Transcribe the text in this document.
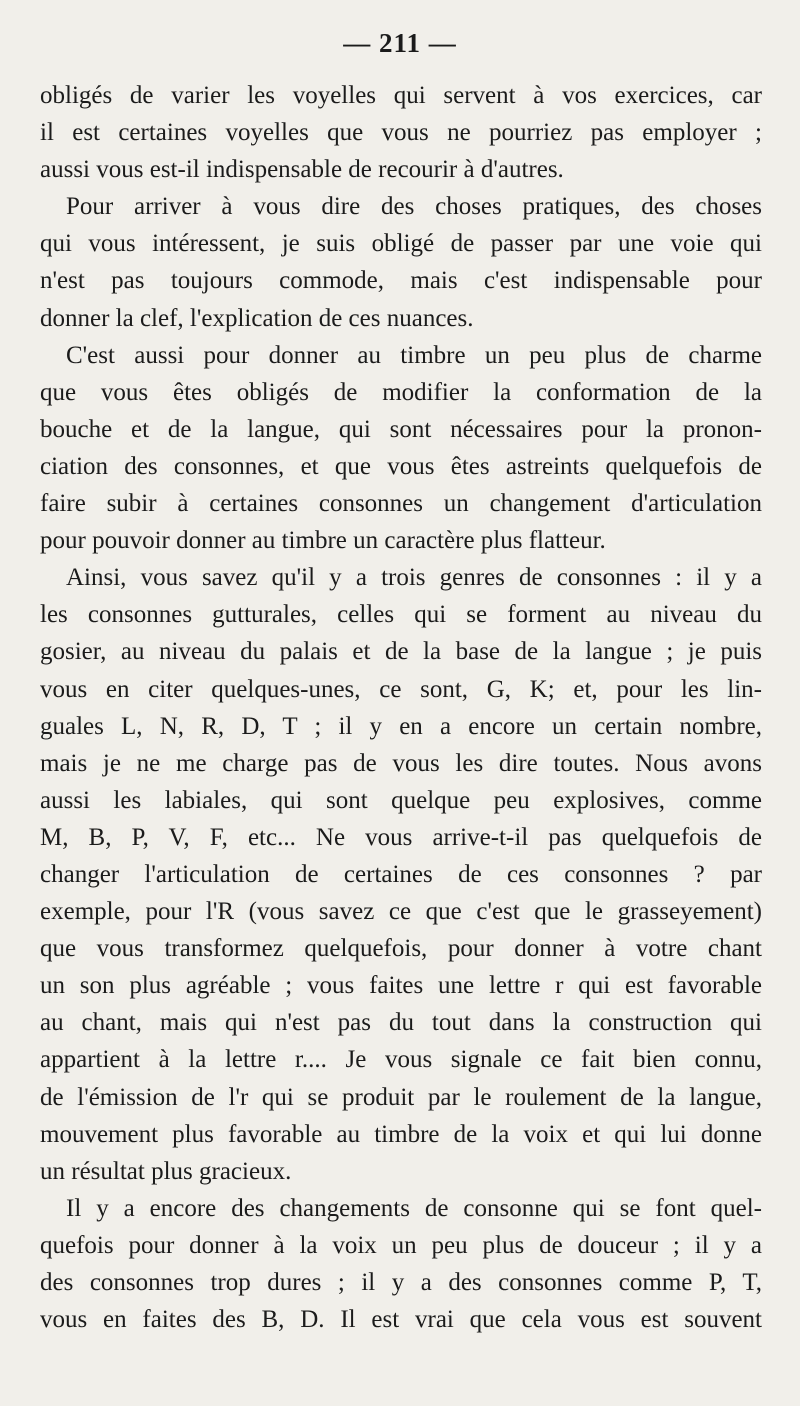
— 211 —
obligés de varier les voyelles qui servent à vos exercices, car
il est certaines voyelles que vous ne pourriez pas employer ;
aussi vous est-il indispensable de recourir à d'autres.
Pour arriver à vous dire des choses pratiques, des choses
qui vous intéressent, je suis obligé de passer par une voie qui
n'est pas toujours commode, mais c'est indispensable pour
donner la clef, l'explication de ces nuances.
C'est aussi pour donner au timbre un peu plus de charme
que vous êtes obligés de modifier la conformation de la
bouche et de la langue, qui sont nécessaires pour la pronon-
ciation des consonnes, et que vous êtes astreints quelquefois de
faire subir à certaines consonnes un changement d'articulation
pour pouvoir donner au timbre un caractère plus flatteur.
Ainsi, vous savez qu'il y a trois genres de consonnes : il y a
les consonnes gutturales, celles qui se forment au niveau du
gosier, au niveau du palais et de la base de la langue ; je puis
vous en citer quelques-unes, ce sont, G, K; et, pour les lin-
guales L, N, R, D, T ; il y en a encore un certain nombre,
mais je ne me charge pas de vous les dire toutes. Nous avons
aussi les labiales, qui sont quelque peu explosives, comme
M, B, P, V, F, etc... Ne vous arrive-t-il pas quelquefois de
changer l'articulation de certaines de ces consonnes ? par
exemple, pour l'R (vous savez ce que c'est que le grasseyement)
que vous transformez quelquefois, pour donner à votre chant
un son plus agréable ; vous faites une lettre r qui est favorable
au chant, mais qui n'est pas du tout dans la construction qui
appartient à la lettre r.... Je vous signale ce fait bien connu,
de l'émission de l'r qui se produit par le roulement de la langue,
mouvement plus favorable au timbre de la voix et qui lui donne
un résultat plus gracieux.
Il y a encore des changements de consonne qui se font quel-
quefois pour donner à la voix un peu plus de douceur ; il y a
des consonnes trop dures ; il y a des consonnes comme P, T,
vous en faites des B, D. Il est vrai que cela vous est souvent
